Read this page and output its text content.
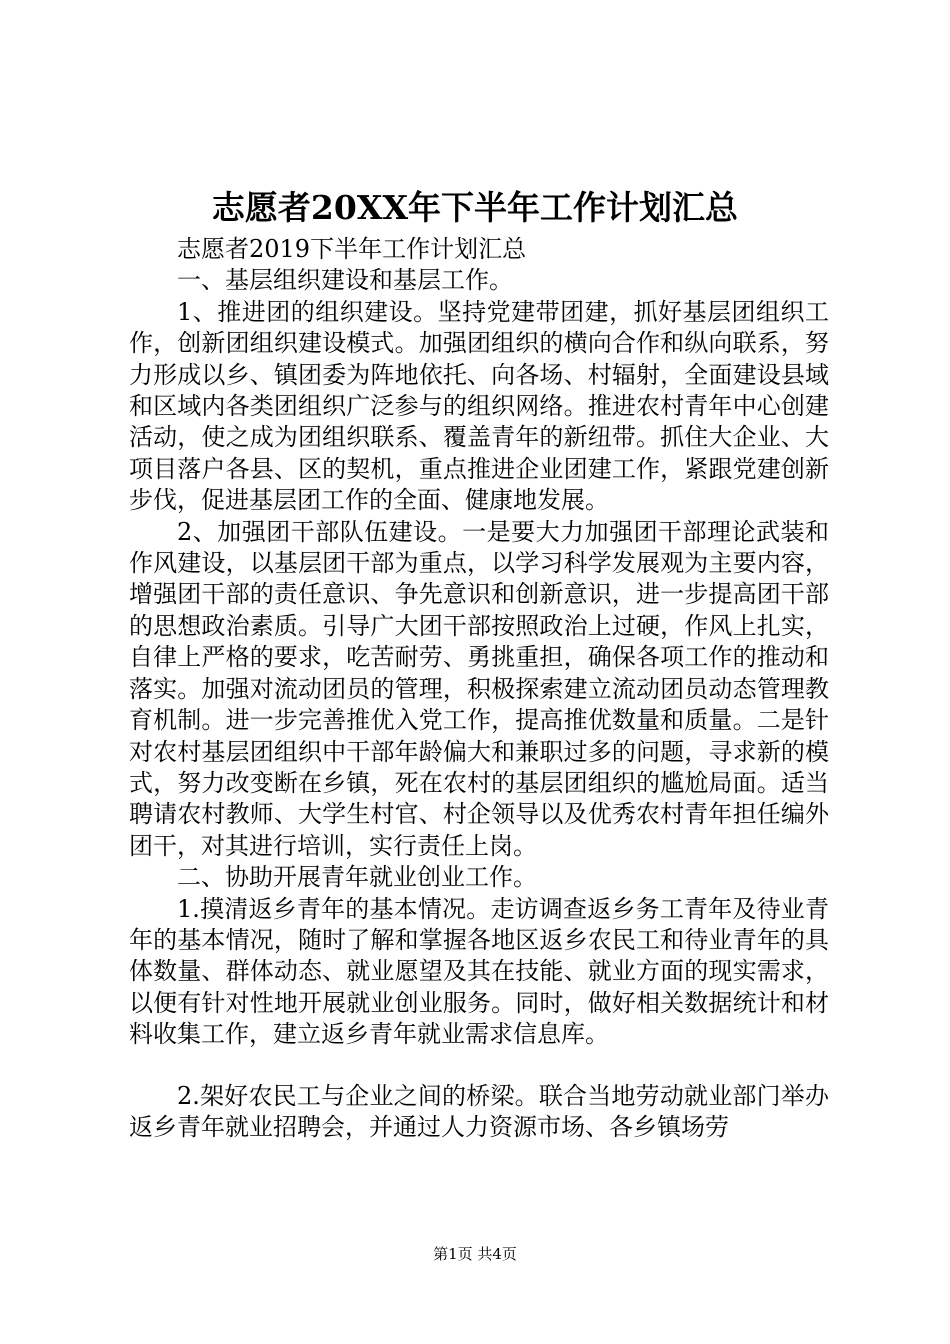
志愿者20XX年下半年工作计划汇总

志愿者2019下半年工作计划汇总

一、基层组织建设和基层工作。

1、推进团的组织建设。坚持党建带团建，抓好基层团组织工作，创新团组织建设模式。加强团组织的横向合作和纵向联系，努力形成以乡、镇团委为阵地依托、向各场、村辐射，全面建设县域和区域内各类团组织广泛参与的组织网络。推进农村青年中心创建活动，使之成为团组织联系、覆盖青年的新纽带。抓住大企业、大项目落户各县、区的契机，重点推进企业团建工作，紧跟党建创新步伐，促进基层团工作的全面、健康地发展。

2、加强团干部队伍建设。一是要大力加强团干部理论武装和作风建设，以基层团干部为重点，以学习科学发展观为主要内容，增强团干部的责任意识、争先意识和创新意识，进一步提高团干部的思想政治素质。引导广大团干部按照政治上过硬，作风上扎实，自律上严格的要求，吃苦耐劳、勇挑重担，确保各项工作的推动和落实。加强对流动团员的管理，积极探索建立流动团员动态管理教育机制。进一步完善推优入党工作，提高推优数量和质量。二是针对农村基层团组织中干部年龄偏大和兼职过多的问题，寻求新的模式，努力改变断在乡镇，死在农村的基层团组织的尴尬局面。适当聘请农村教师、大学生村官、村企领导以及优秀农村青年担任编外团干，对其进行培训，实行责任上岗。

二、协助开展青年就业创业工作。

1.摸清返乡青年的基本情况。走访调查返乡务工青年及待业青年的基本情况，随时了解和掌握各地区返乡农民工和待业青年的具体数量、群体动态、就业愿望及其在技能、就业方面的现实需求，以便有针对性地开展就业创业服务。同时，做好相关数据统计和材料收集工作，建立返乡青年就业需求信息库。

2.架好农民工与企业之间的桥梁。联合当地劳动就业部门举办返乡青年就业招聘会，并通过人力资源市场、各乡镇场劳

第1页 共4页
